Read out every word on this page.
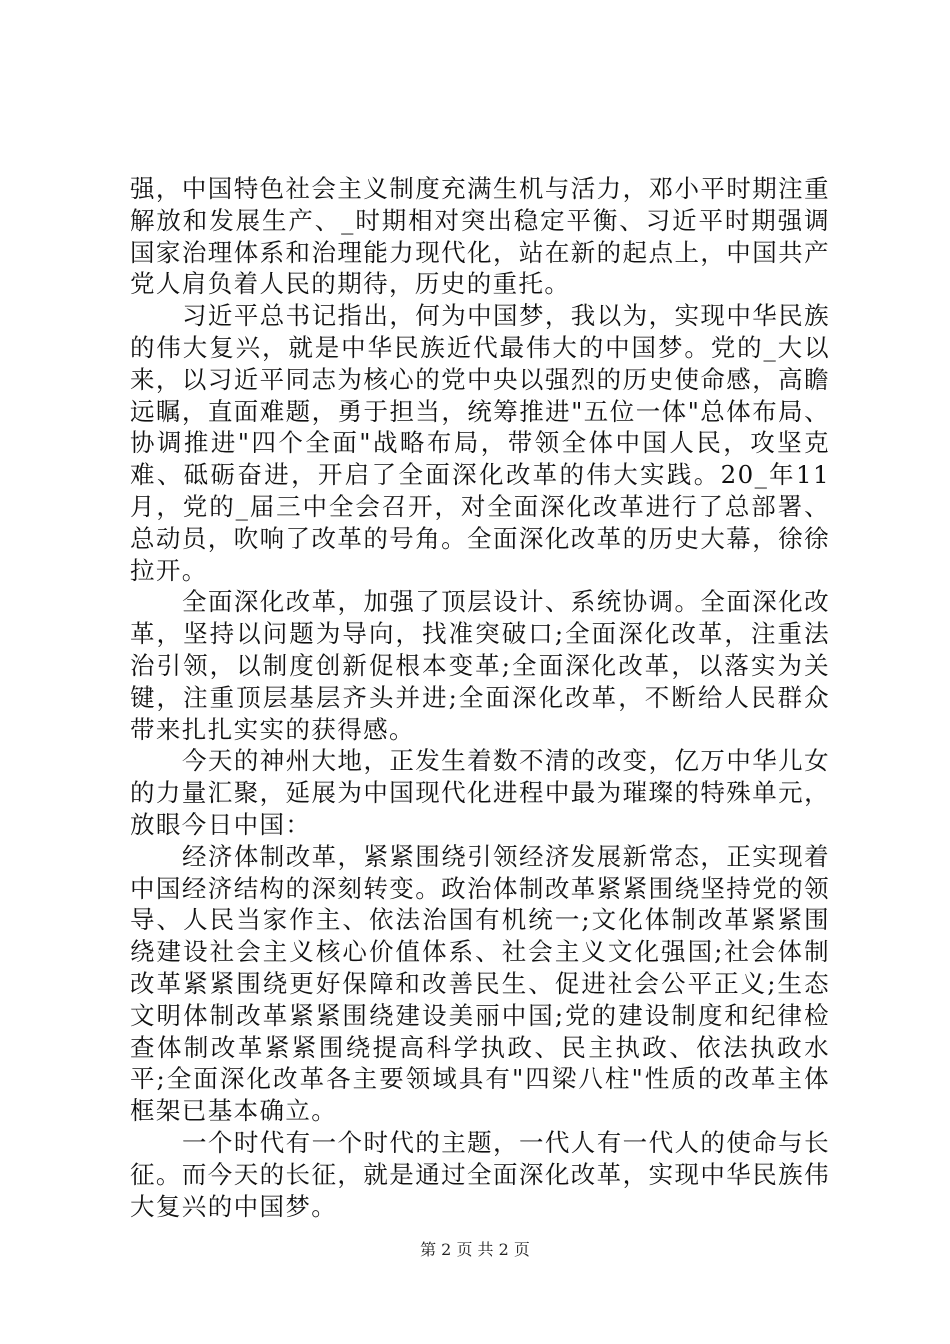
强，中国特色社会主义制度充满生机与活力，邓小平时期注重解放和发展生产、_时期相对突出稳定平衡、习近平时期强调国家治理体系和治理能力现代化，站在新的起点上，中国共产党人肩负着人民的期待，历史的重托。

习近平总书记指出，何为中国梦，我以为，实现中华民族的伟大复兴，就是中华民族近代最伟大的中国梦。党的_大以来，以习近平同志为核心的党中央以强烈的历史使命感，高瞻远瞩，直面难题，勇于担当，统筹推进"五位一体"总体布局、协调推进"四个全面"战略布局，带领全体中国人民，攻坚克难、砥砺奋进，开启了全面深化改革的伟大实践。20_年11月，党的_届三中全会召开，对全面深化改革进行了总部署、总动员，吹响了改革的号角。全面深化改革的历史大幕，徐徐拉开。

全面深化改革，加强了顶层设计、系统协调。全面深化改革，坚持以问题为导向，找准突破口;全面深化改革，注重法治引领，以制度创新促根本变革;全面深化改革，以落实为关键，注重顶层基层齐头并进;全面深化改革，不断给人民群众带来扎扎实实的获得感。

今天的神州大地，正发生着数不清的改变，亿万中华儿女的力量汇聚，延展为中国现代化进程中最为璀璨的特殊单元，放眼今日中国：

经济体制改革，紧紧围绕引领经济发展新常态，正实现着中国经济结构的深刻转变。政治体制改革紧紧围绕坚持党的领导、人民当家作主、依法治国有机统一;文化体制改革紧紧围绕建设社会主义核心价值体系、社会主义文化强国;社会体制改革紧紧围绕更好保障和改善民生、促进社会公平正义;生态文明体制改革紧紧围绕建设美丽中国;党的建设制度和纪律检查体制改革紧紧围绕提高科学执政、民主执政、依法执政水平;全面深化改革各主要领域具有"四梁八柱"性质的改革主体框架已基本确立。

一个时代有一个时代的主题，一代人有一代人的使命与长征。而今天的长征，就是通过全面深化改革，实现中华民族伟大复兴的中国梦。

第 2 页 共 2 页
